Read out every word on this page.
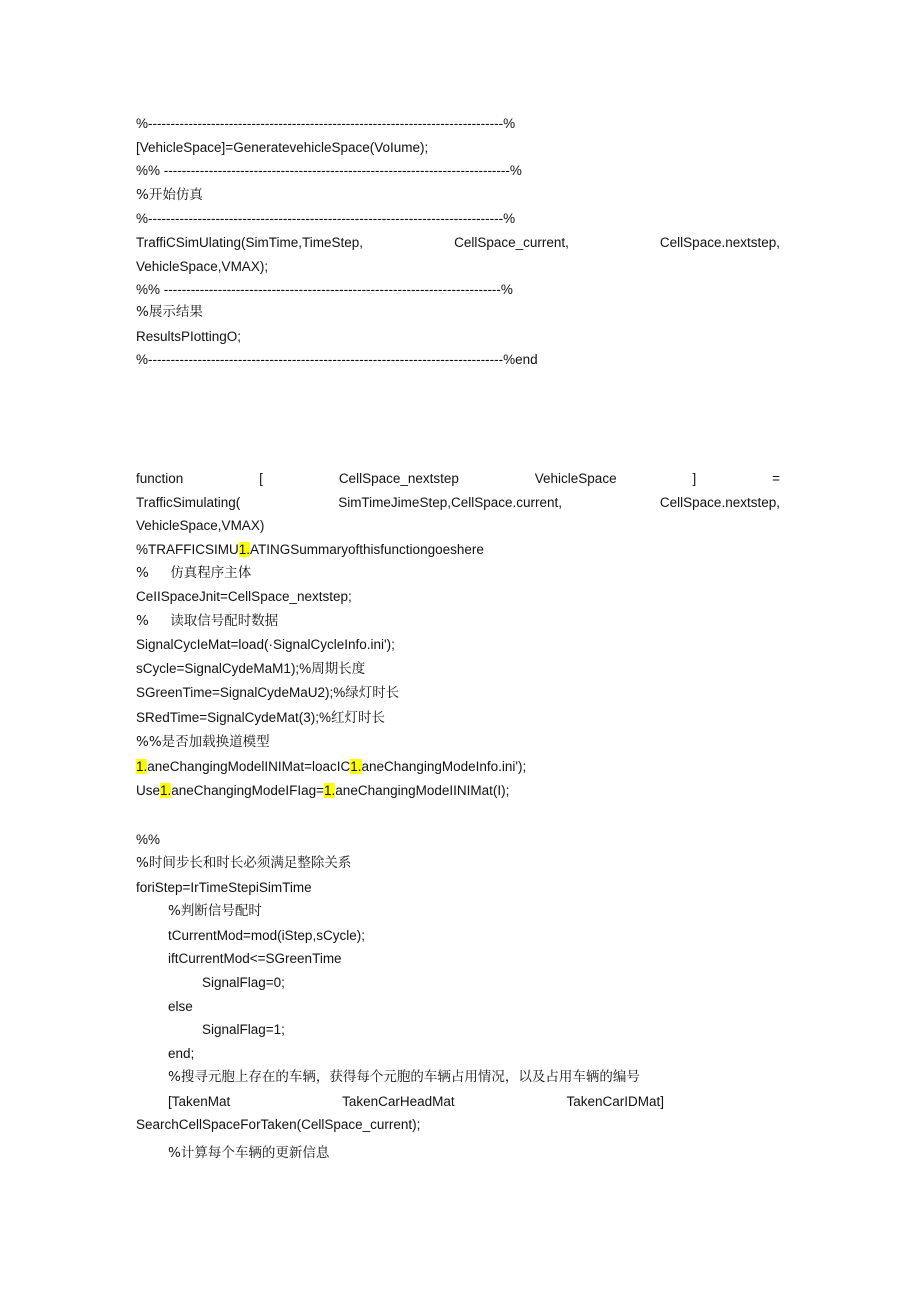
%-------------------------------------------------------------------------------%
[VehicleSpace]=GeneratevehicleSpace(VoIume);
%% -----------------------------------------------------------------------------%
%开始仿真
%-------------------------------------------------------------------------------%
TraffiCSimUlating(SimTime,TimeStep,	CellSpace_current,	CellSpace.nextstep,
VehicleSpace,VMAX);
%% ---------------------------------------------------------------------------%
%展示结果
ResultsPIottingO;
%-------------------------------------------------------------------------------%end
function	[	CellSpace_nextstep	VehicleSpace	]	=
TrafficSimulating(	SimTimeJimeStep,CellSpace.current,	CellSpace.nextstep,
VehicleSpace,VMAX)
%TRAFFICSIMU1.ATINGSummaryofthisfunctiongoeshere
%     仿真程序主体
CeIISpaceJnit=CellSpace_nextstep;
%     读取信号配时数据
SignalCycIeMat=load(·SignalCycleInfo.ini');
sCycle=SignalCydeMaM1);%周期长度
SGreenTime=SignalCydeMaU2);%绿灯时长
SRedTime=SignalCydeMat(3);%红灯时长
%%是否加载换道模型
1.aneChangingModelINIMat=loacIC1.aneChangingModeInfo.ini');
Use1.aneChangingModeIFIag=1.aneChangingModeIINIMat(I);
%%
%时间步长和时长必须满足整除关系
foriStep=IrTimeStepiSimTime
%判断信号配时
tCurrentMod=mod(iStep,sCycle);
iftCurrentMod<=SGreenTime
SignalFlag=0;
else
SignalFlag=1;
end;
%搜寻元胞上存在的车辆，获得每个元胞的车辆占用情况，以及占用车辆的编号
[TakenMat	TakenCarHeadMat	TakenCarIDMat]
SearchCellSpaceForTaken(CellSpace_current);
%计算每个车辆的更新信息
